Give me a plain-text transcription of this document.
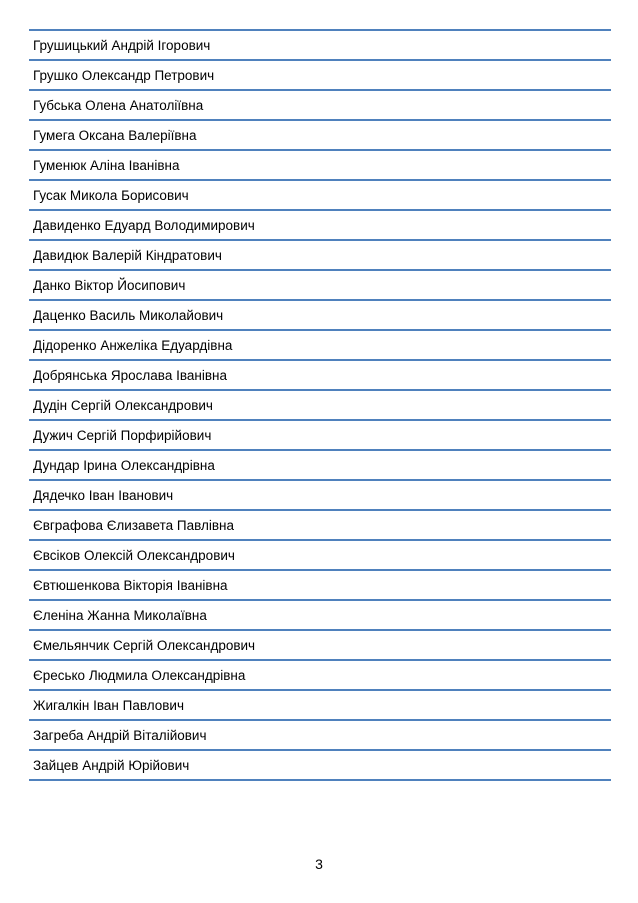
Грушицький Андрій Ігорович
Грушко Олександр Петрович
Губська Олена Анатоліївна
Гумега Оксана Валеріївна
Гуменюк Аліна Іванівна
Гусак Микола Борисович
Давиденко Едуард Володимирович
Давидюк Валерій Кіндратович
Данко Віктор Йосипович
Даценко Василь Миколайович
Дідоренко Анжеліка Едуардівна
Добрянська Ярослава Іванівна
Дудін Сергій Олександрович
Дужич Сергій Порфирійович
Дундар Ірина Олександрівна
Дядечко Іван Іванович
Євграфова Єлизавета Павлівна
Євсіков Олексій Олександрович
Євтюшенкова Вікторія Іванівна
Єленіна Жанна Миколаївна
Ємельянчик Сергій Олександрович
Єресько Людмила Олександрівна
Жигалкін Іван Павлович
Загреба Андрій Віталійович
Зайцев Андрій Юрійович
3
